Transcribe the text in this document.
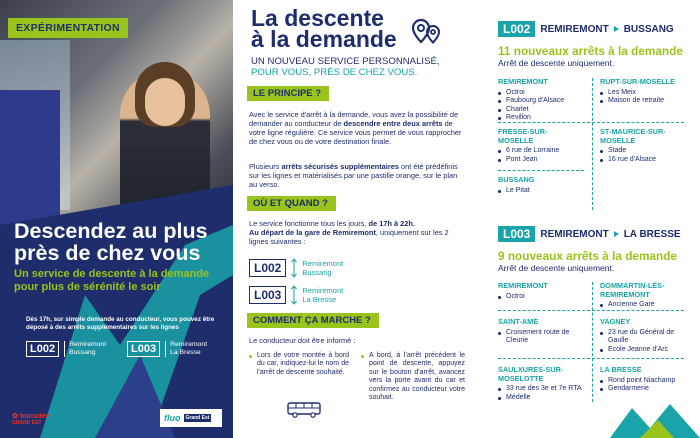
EXPÉRIMENTATION
Descendez au plus près de chez vous
Un service de descente à la demande pour plus de sérénité le soir
Dès 17h, sur simple demande au conducteur, vous pouvez être déposé à des arrêts supplémentaires sur les lignes
L002	Remiremont
Bussang	L003	Remiremont
La Bresse
✿ transdev
GRAND EST	fluo	Grand Est
La descente
à la demande
UN NOUVEAU SERVICE PERSONNALISÉ,
POUR VOUS, PRÈS DE CHEZ VOUS.
LE PRINCIPE ?
Avec le service d'arrêt à la demande, vous avez la possibilité de demander au conducteur de descendre entre deux arrêts de votre ligne régulière. Ce service vous permet de vous rapprocher de chez vous ou de votre destination finale.
Plusieurs arrêts sécurisés supplémentaires ont été prédéfinis sur les lignes et matérialisés par une pastille orange, sur le plan au verso.
OÙ ET QUAND ?
Le service fonctionne tous les jours, de 17h à 22h.
Au départ de la gare de Remiremont, uniquement sur les 2 lignes suivantes :
L002	Remiremont
Bussang
L003	Remiremont
La Bresse
COMMENT ÇA MARCHE ?
Le conducteur doit être informé :
Lors de votre montée à bord du car, indiquez-lui le nom de l'arrêt de descente souhaité.
A bord, à l'arrêt précédent le point de descente, appuyez sur le bouton d'arrêt, avancez vers la porte avant du car et confirmez au conducteur votre souhait.
L002	REMIREMONT BUSSANG
11 nouveaux arrêts à la demande
Arrêt de descente uniquement.
REMIREMONT
Octroi
Faubourg d'Alsace
Charlet
Revillon
RUPT-SUR-MOSELLE
Les Meix
Maison de retraite
FRESSE-SUR-MOSELLE
6 rue de Lorraine
Pont Jean
ST-MAURICE-SUR-MOSELLE
Stade
16 rue d'Alsace
BUSSANG
Le Pitat
L003	REMIREMONT LA BRESSE
9 nouveaux arrêts à la demande
Arrêt de descente uniquement.
REMIREMONT
Octroi
DOMMARTIN-LÈS-REMIREMONT
Ancienne Gare
SAINT-AMÉ
Croisement route de Cleurie
VAGNEY
23 rue du Général de Gaulle
Ecole Jeanne d'Arc
SAULXURES-SUR-MOSELOTTE
33 rue des 3e et 7e RTA
Médelle
LA BRESSE
Rond point Niachamp
Gendarmerie
